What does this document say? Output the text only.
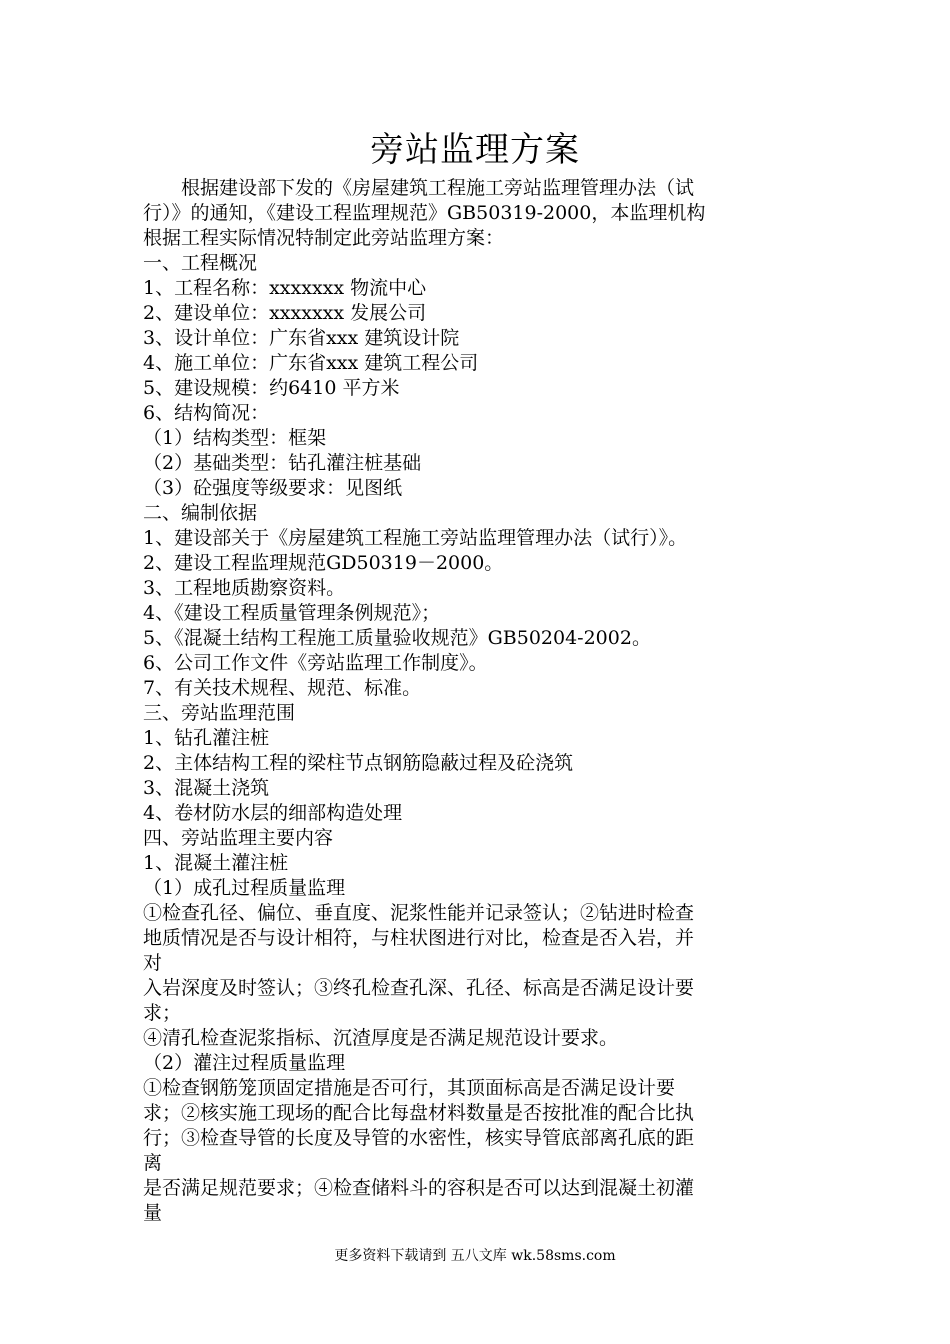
旁站监理方案
根据建设部下发的《房屋建筑工程施工旁站监理管理办法（试
行）》的通知，《建设工程监理规范》GB50319-2000，本监理机构
根据工程实际情况特制定此旁站监理方案：
一、工程概况
1、工程名称：xxxxxxx 物流中心
2、建设单位：xxxxxxx 发展公司
3、设计单位：广东省xxx 建筑设计院
4、施工单位：广东省xxx 建筑工程公司
5、建设规模：约6410 平方米
6、结构简况：
（1）结构类型：框架
（2）基础类型：钻孔灌注桩基础
（3）砼强度等级要求：见图纸
二、编制依据
1、建设部关于《房屋建筑工程施工旁站监理管理办法（试行）》。
2、建设工程监理规范GD50319－2000。
3、工程地质勘察资料。
4、《建设工程质量管理条例规范》；
5、《混凝土结构工程施工质量验收规范》GB50204-2002。
6、公司工作文件《旁站监理工作制度》。
7、有关技术规程、规范、标准。
三、旁站监理范围
1、钻孔灌注桩
2、主体结构工程的梁柱节点钢筋隐蔽过程及砼浇筑
3、混凝土浇筑
4、卷材防水层的细部构造处理
四、旁站监理主要内容
1、混凝土灌注桩
（1）成孔过程质量监理
①检查孔径、偏位、垂直度、泥浆性能并记录签认；②钻进时检查
地质情况是否与设计相符，与柱状图进行对比，检查是否入岩，并
对
入岩深度及时签认；③终孔检查孔深、孔径、标高是否满足设计要
求；
④清孔检查泥浆指标、沉渣厚度是否满足规范设计要求。
（2）灌注过程质量监理
①检查钢筋笼顶固定措施是否可行，其顶面标高是否满足设计要
求；②核实施工现场的配合比每盘材料数量是否按批准的配合比执
行；③检查导管的长度及导管的水密性，核实导管底部离孔底的距
离
是否满足规范要求；④检查储料斗的容积是否可以达到混凝土初灌
量
更多资料下载请到 五八文库 wk.58sms.com
